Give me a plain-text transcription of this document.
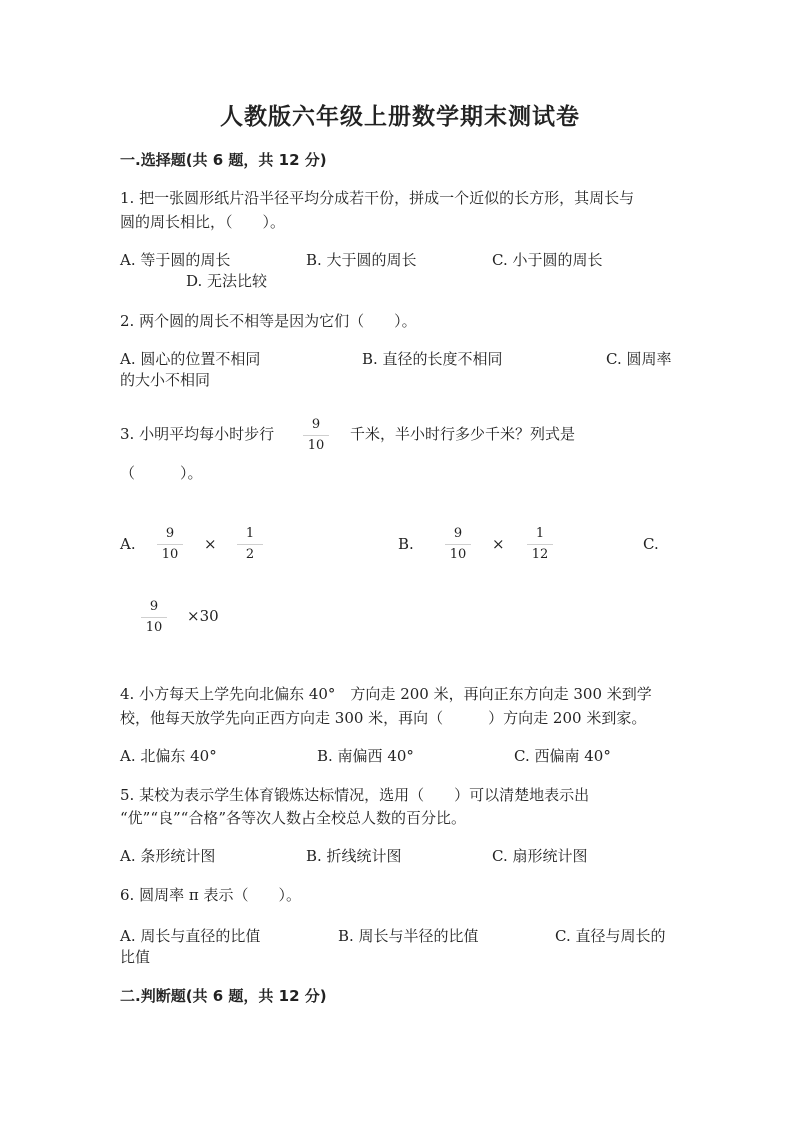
人教版六年级上册数学期末测试卷
一.选择题(共 6 题，共 12 分)
1. 把一张圆形纸片沿半径平均分成若干份，拼成一个近似的长方形，其周长与
圆的周长相比，（　　）。
A. 等于圆的周长	B. 大于圆的周长	C. 小于圆的周长
D. 无法比较
2. 两个圆的周长不相等是因为它们（　　）。
A. 圆心的位置不相同	B. 直径的长度不相同	C. 圆周率
的大小不相同
3. 小明平均每小时步行
9
10
千米，半小时行多少千米？列式是
（　　　）。
A.
9
10
×
1
2
B.
9
10
×
1
12
C.
9
10
×30
4. 小方每天上学先向北偏东 40°　方向走 200 米，再向正东方向走 300 米到学
校，他每天放学先向正西方向走 300 米，再向（　　　）方向走 200 米到家。
A. 北偏东 40°	B. 南偏西 40°	C. 西偏南 40°
5. 某校为表示学生体育锻炼达标情况，选用（　　）可以清楚地表示出
“优”“良”“合格”各等次人数占全校总人数的百分比。
A. 条形统计图	B. 折线统计图	C. 扇形统计图
6. 圆周率 π 表示（　　）。
A. 周长与直径的比值	B. 周长与半径的比值	C. 直径与周长的
比值
二.判断题(共 6 题，共 12 分)
